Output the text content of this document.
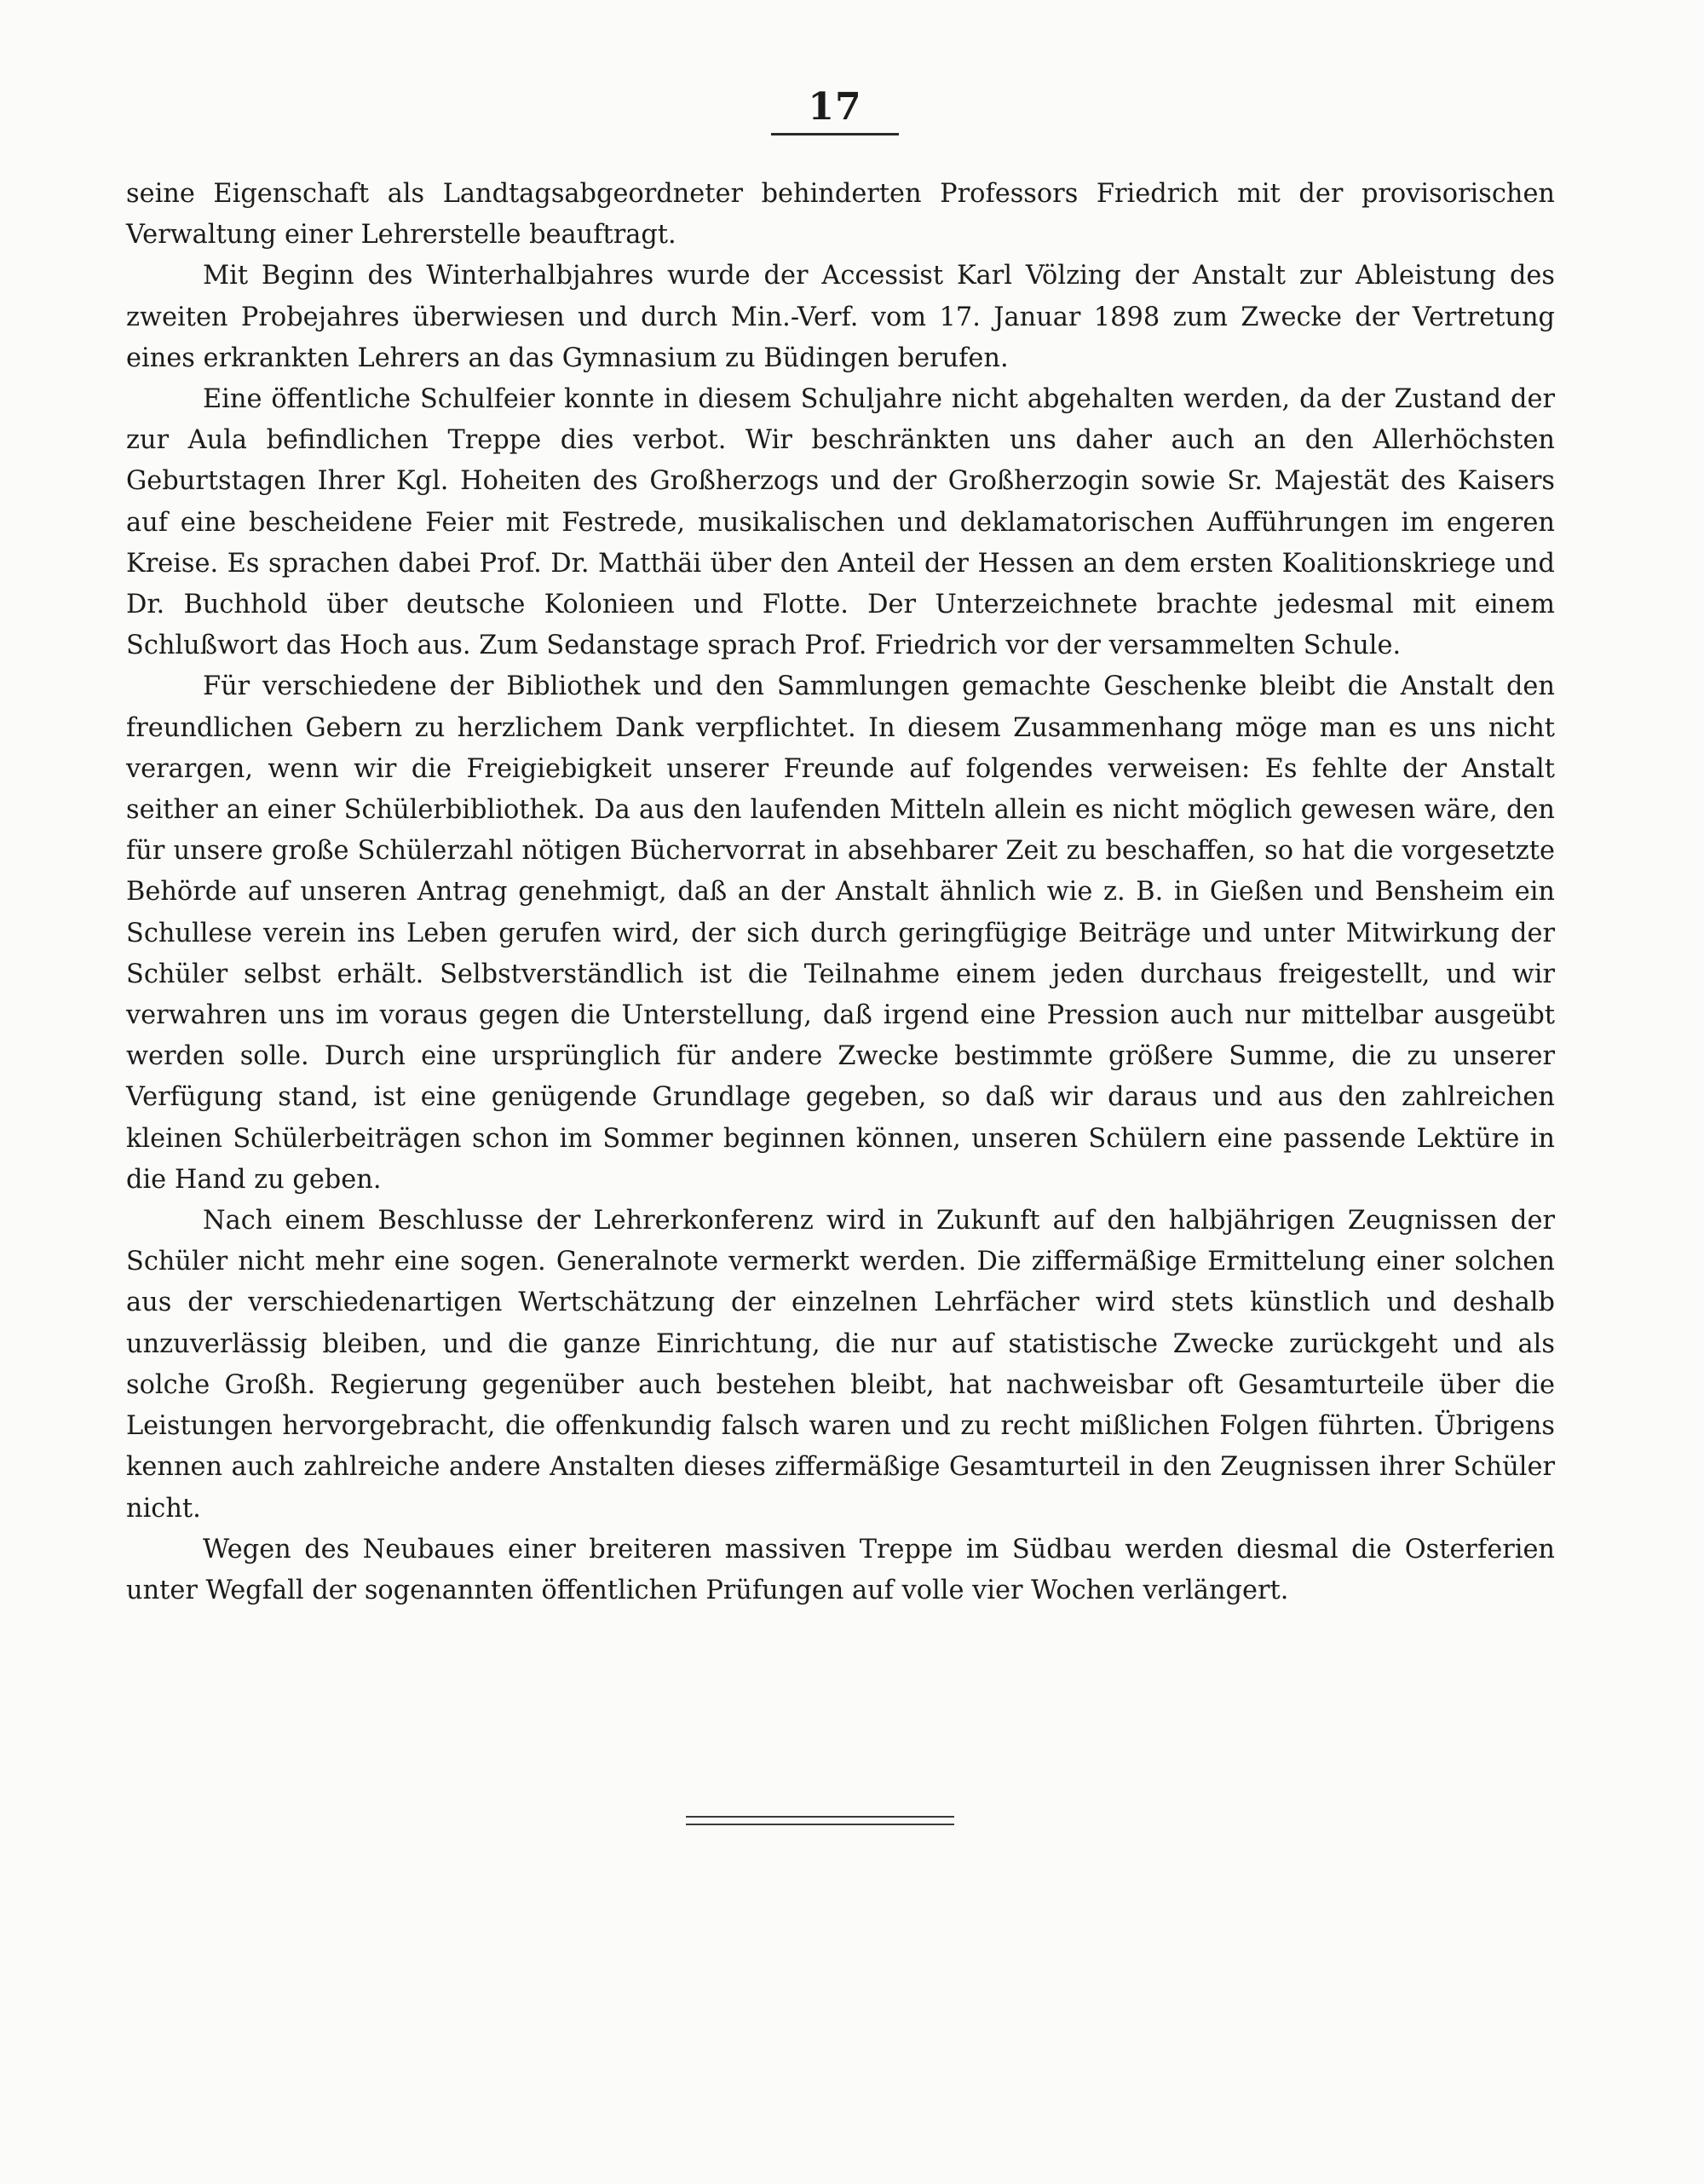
17

seine Eigenschaft als Landtagsabgeordneter behinderten Professors Friedrich mit der provisorischen Verwaltung einer Lehrerstelle beauftragt.

Mit Beginn des Winterhalbjahres wurde der Accessist Karl Völzing der Anstalt zur Ableistung des zweiten Probejahres überwiesen und durch Min.-Verf. vom 17. Januar 1898 zum Zwecke der Vertretung eines erkrankten Lehrers an das Gymnasium zu Büdingen berufen.

Eine öffentliche Schulfeier konnte in diesem Schuljahre nicht abgehalten werden, da der Zustand der zur Aula befindlichen Treppe dies verbot. Wir beschränkten uns daher auch an den Allerhöchsten Geburtstagen Ihrer Kgl. Hoheiten des Großherzogs und der Großherzogin sowie Sr. Majestät des Kaisers auf eine bescheidene Feier mit Festrede, musikalischen und deklamatorischen Aufführungen im engeren Kreise. Es sprachen dabei Prof. Dr. Matthäi über den Anteil der Hessen an dem ersten Koalitionskriege und Dr. Buchhold über deutsche Kolonieen und Flotte. Der Unterzeichnete brachte jedesmal mit einem Schlußwort das Hoch aus. Zum Sedanstage sprach Prof. Friedrich vor der versammelten Schule.

Für verschiedene der Bibliothek und den Sammlungen gemachte Geschenke bleibt die Anstalt den freundlichen Gebern zu herzlichem Dank verpflichtet. In diesem Zusammenhang möge man es uns nicht verargen, wenn wir die Freigiebigkeit unserer Freunde auf folgendes verweisen: Es fehlte der Anstalt seither an einer Schülerbibliothek. Da aus den laufenden Mitteln allein es nicht möglich gewesen wäre, den für unsere große Schülerzahl nötigen Büchervorrat in absehbarer Zeit zu beschaffen, so hat die vorgesetzte Behörde auf unseren Antrag genehmigt, daß an der Anstalt ähnlich wie z. B. in Gießen und Bensheim ein Schullese verein ins Leben gerufen wird, der sich durch geringfügige Beiträge und unter Mitwirkung der Schüler selbst erhält. Selbstverständlich ist die Teilnahme einem jeden durchaus freigestellt, und wir verwahren uns im voraus gegen die Unterstellung, daß irgend eine Pression auch nur mittelbar ausgeübt werden solle. Durch eine ursprünglich für andere Zwecke bestimmte größere Summe, die zu unserer Verfügung stand, ist eine genügende Grundlage gegeben, so daß wir daraus und aus den zahlreichen kleinen Schülerbeiträgen schon im Sommer beginnen können, unseren Schülern eine passende Lektüre in die Hand zu geben.

Nach einem Beschlusse der Lehrerkonferenz wird in Zukunft auf den halbjährigen Zeugnissen der Schüler nicht mehr eine sogen. Generalnote vermerkt werden. Die ziffermäßige Ermittelung einer solchen aus der verschiedenartigen Wertschätzung der einzelnen Lehrfächer wird stets künstlich und deshalb unzuverlässig bleiben, und die ganze Einrichtung, die nur auf statistische Zwecke zurückgeht und als solche Großh. Regierung gegenüber auch bestehen bleibt, hat nachweisbar oft Gesamturteile über die Leistungen hervorgebracht, die offenkundig falsch waren und zu recht mißlichen Folgen führten. Übrigens kennen auch zahlreiche andere Anstalten dieses ziffermäßige Gesamturteil in den Zeugnissen ihrer Schüler nicht.

Wegen des Neubaues einer breiteren massiven Treppe im Südbau werden diesmal die Osterferien unter Wegfall der sogenannten öffentlichen Prüfungen auf volle vier Wochen verlängert.
